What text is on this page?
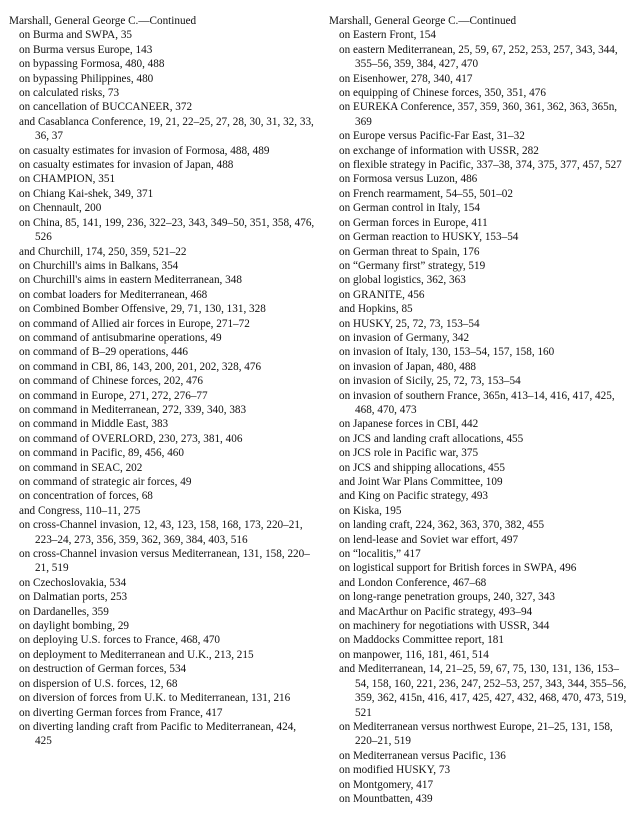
Marshall, General George C.—Continued
on Burma and SWPA, 35
on Burma versus Europe, 143
on bypassing Formosa, 480, 488
on bypassing Philippines, 480
on calculated risks, 73
on cancellation of BUCCANEER, 372
and Casablanca Conference, 19, 21, 22–25, 27, 28, 30, 31, 32, 33, 36, 37
on casualty estimates for invasion of Formosa, 488, 489
on casualty estimates for invasion of Japan, 488
on CHAMPION, 351
on Chiang Kai-shek, 349, 371
on Chennault, 200
on China, 85, 141, 199, 236, 322–23, 343, 349–50, 351, 358, 476, 526
and Churchill, 174, 250, 359, 521–22
on Churchill's aims in Balkans, 354
on Churchill's aims in eastern Mediterranean, 348
on combat loaders for Mediterranean, 468
on Combined Bomber Offensive, 29, 71, 130, 131, 328
on command of Allied air forces in Europe, 271–72
on command of antisubmarine operations, 49
on command of B–29 operations, 446
on command in CBI, 86, 143, 200, 201, 202, 328, 476
on command of Chinese forces, 202, 476
on command in Europe, 271, 272, 276–77
on command in Mediterranean, 272, 339, 340, 383
on command in Middle East, 383
on command of OVERLORD, 230, 273, 381, 406
on command in Pacific, 89, 456, 460
on command in SEAC, 202
on command of strategic air forces, 49
on concentration of forces, 68
and Congress, 110–11, 275
on cross-Channel invasion, 12, 43, 123, 158, 168, 173, 220–21, 223–24, 273, 356, 359, 362, 369, 384, 403, 516
on cross-Channel invasion versus Mediterranean, 131, 158, 220–21, 519
on Czechoslovakia, 534
on Dalmatian ports, 253
on Dardanelles, 359
on daylight bombing, 29
on deploying U.S. forces to France, 468, 470
on deployment to Mediterranean and U.K., 213, 215
on destruction of German forces, 534
on dispersion of U.S. forces, 12, 68
on diversion of forces from U.K. to Mediterranean, 131, 216
on diverting German forces from France, 417
on diverting landing craft from Pacific to Mediterranean, 424, 425
Marshall, General George C.—Continued
on Eastern Front, 154
on eastern Mediterranean, 25, 59, 67, 252, 253, 257, 343, 344, 355–56, 359, 384, 427, 470
on Eisenhower, 278, 340, 417
on equipping of Chinese forces, 350, 351, 476
on EUREKA Conference, 357, 359, 360, 361, 362, 363, 365n, 369
on Europe versus Pacific-Far East, 31–32
on exchange of information with USSR, 282
on flexible strategy in Pacific, 337–38, 374, 375, 377, 457, 527
on Formosa versus Luzon, 486
on French rearmament, 54–55, 501–02
on German control in Italy, 154
on German forces in Europe, 411
on German reaction to HUSKY, 153–54
on German threat to Spain, 176
on “Germany first” strategy, 519
on global logistics, 362, 363
on GRANITE, 456
and Hopkins, 85
on HUSKY, 25, 72, 73, 153–54
on invasion of Germany, 342
on invasion of Italy, 130, 153–54, 157, 158, 160
on invasion of Japan, 480, 488
on invasion of Sicily, 25, 72, 73, 153–54
on invasion of southern France, 365n, 413–14, 416, 417, 425, 468, 470, 473
on Japanese forces in CBI, 442
on JCS and landing craft allocations, 455
on JCS role in Pacific war, 375
on JCS and shipping allocations, 455
and Joint War Plans Committee, 109
and King on Pacific strategy, 493
on Kiska, 195
on landing craft, 224, 362, 363, 370, 382, 455
on lend-lease and Soviet war effort, 497
on “localitis,” 417
on logistical support for British forces in SWPA, 496
and London Conference, 467–68
on long-range penetration groups, 240, 327, 343
and MacArthur on Pacific strategy, 493–94
on machinery for negotiations with USSR, 344
on Maddocks Committee report, 181
on manpower, 116, 181, 461, 514
and Mediterranean, 14, 21–25, 59, 67, 75, 130, 131, 136, 153–54, 158, 160, 221, 236, 247, 252–53, 257, 343, 344, 355–56, 359, 362, 415n, 416, 417, 425, 427, 432, 468, 470, 473, 519, 521
on Mediterranean versus northwest Europe, 21–25, 131, 158, 220–21, 519
on Mediterranean versus Pacific, 136
on modified HUSKY, 73
on Montgomery, 417
on Mountbatten, 439
